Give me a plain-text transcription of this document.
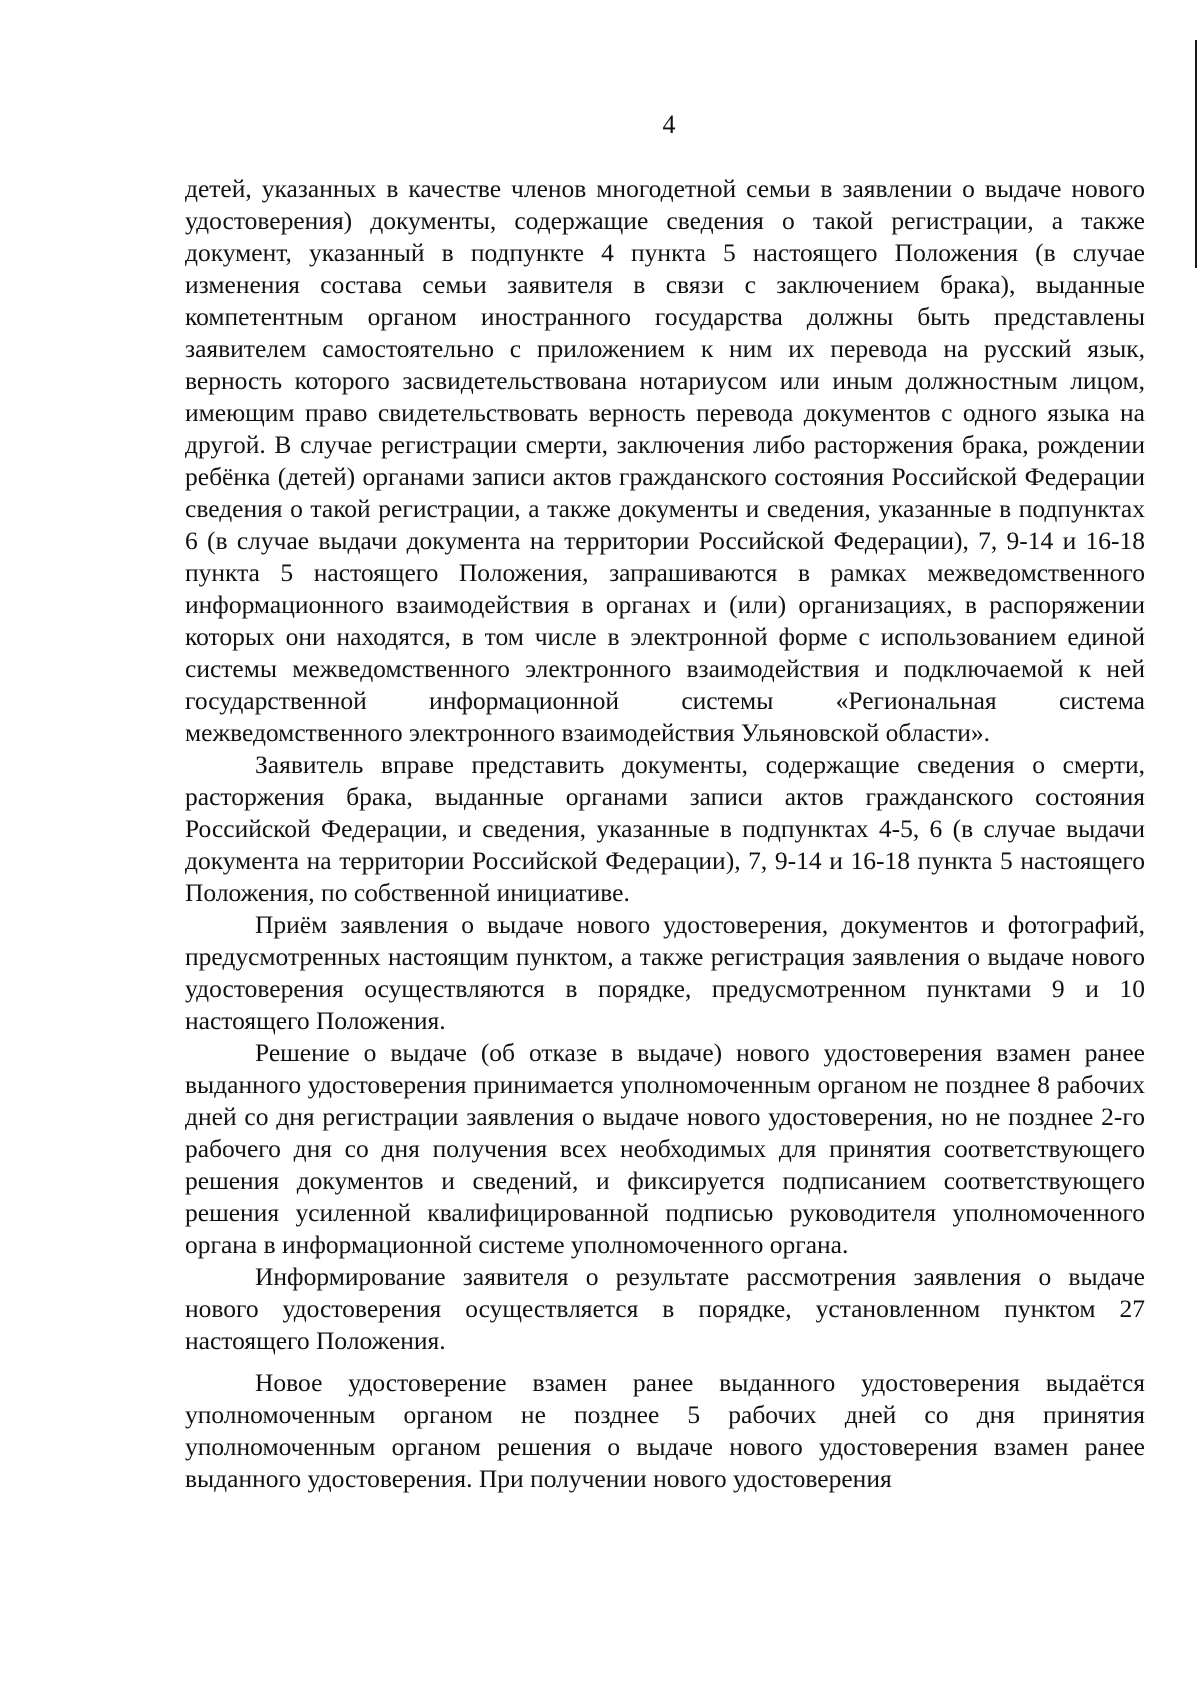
4

детей, указанных в качестве членов многодетной семьи в заявлении о выдаче нового удостоверения) документы, содержащие сведения о такой регистрации, а также документ, указанный в подпункте 4 пункта 5 настоящего Положения (в случае изменения состава семьи заявителя в связи с заключением брака), выданные компетентным органом иностранного государства должны быть представлены заявителем самостоятельно с приложением к ним их перевода на русский язык, верность которого засвидетельствована нотариусом или иным должностным лицом, имеющим право свидетельствовать верность перевода документов с одного языка на другой. В случае регистрации смерти, заключения либо расторжения брака, рождении ребёнка (детей) органами записи актов гражданского состояния Российской Федерации сведения о такой регистрации, а также документы и сведения, указанные в подпунктах 6 (в случае выдачи документа на территории Российской Федерации), 7, 9-14 и 16-18 пункта 5 настоящего Положения, запрашиваются в рамках межведомственного информационного взаимодействия в органах и (или) организациях, в распоряжении которых они находятся, в том числе в электронной форме с использованием единой системы межведомственного электронного взаимодействия и подключаемой к ней государственной информационной системы «Региональная система межведомственного электронного взаимодействия Ульяновской области».

Заявитель вправе представить документы, содержащие сведения о смерти, расторжения брака, выданные органами записи актов гражданского состояния Российской Федерации, и сведения, указанные в подпунктах 4-5, 6 (в случае выдачи документа на территории Российской Федерации), 7, 9-14 и 16-18 пункта 5 настоящего Положения, по собственной инициативе.

Приём заявления о выдаче нового удостоверения, документов и фотографий, предусмотренных настоящим пунктом, а также регистрация заявления о выдаче нового удостоверения осуществляются в порядке, предусмотренном пунктами 9 и 10 настоящего Положения.

Решение о выдаче (об отказе в выдаче) нового удостоверения взамен ранее выданного удостоверения принимается уполномоченным органом не позднее 8 рабочих дней со дня регистрации заявления о выдаче нового удостоверения, но не позднее 2-го рабочего дня со дня получения всех необходимых для принятия соответствующего решения документов и сведений, и фиксируется подписанием соответствующего решения усиленной квалифицированной подписью руководителя уполномоченного органа в информационной системе уполномоченного органа.

Информирование заявителя о результате рассмотрения заявления о выдаче нового удостоверения осуществляется в порядке, установленном пунктом 27 настоящего Положения.

Новое удостоверение взамен ранее выданного удостоверения выдаётся уполномоченным органом не позднее 5 рабочих дней со дня принятия уполномоченным органом решения о выдаче нового удостоверения взамен ранее выданного удостоверения. При получении нового удостоверения
